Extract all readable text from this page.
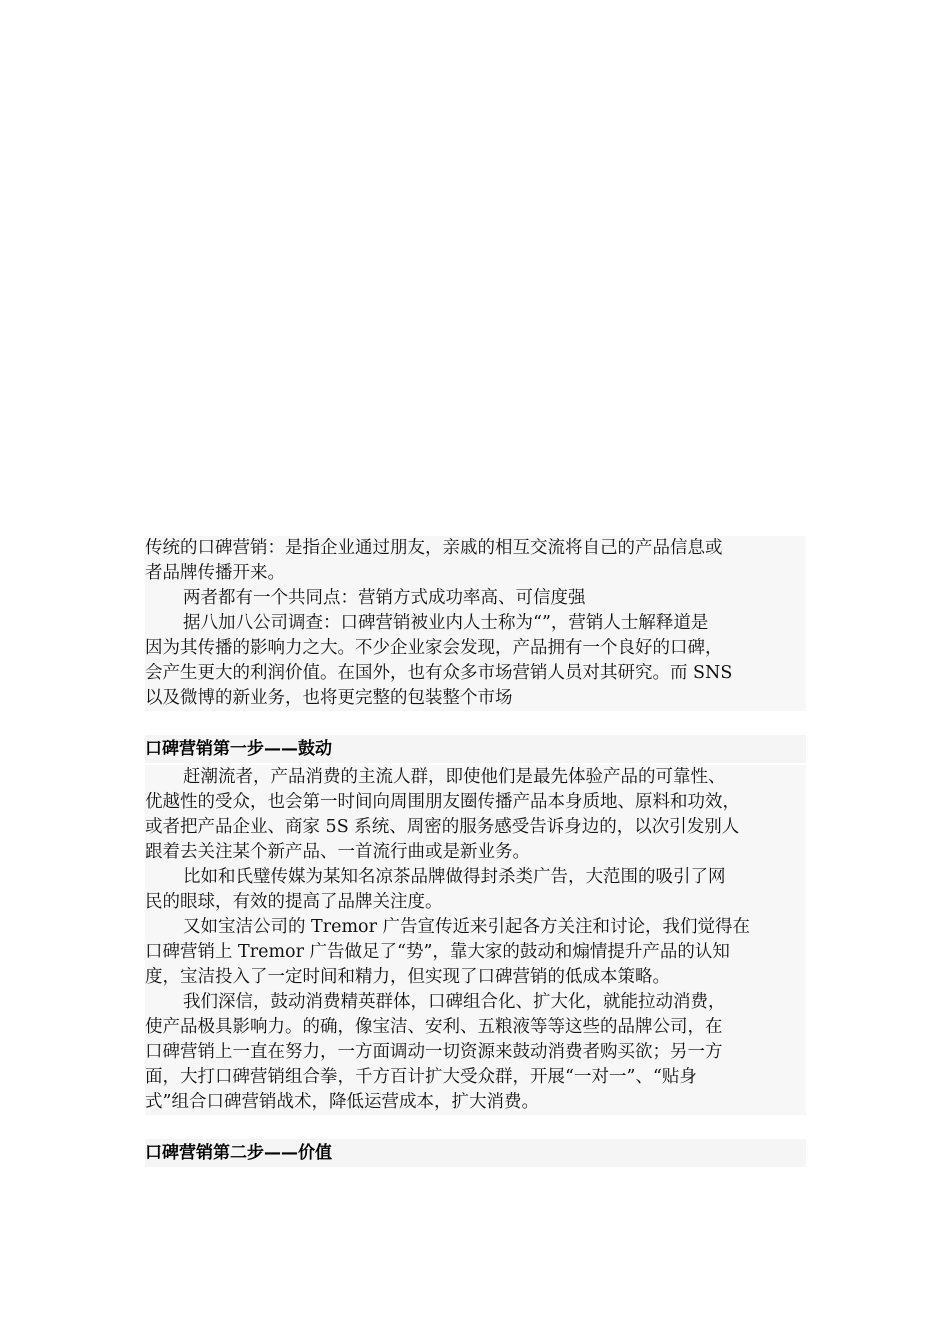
传统的口碑营销：是指企业通过朋友，亲戚的相互交流将自己的产品信息或
者品牌传播开来。
两者都有一个共同点：营销方式成功率高、可信度强
据八加八公司调查：口碑营销被业内人士称为“”，营销人士解释道是
因为其传播的影响力之大。不少企业家会发现，产品拥有一个良好的口碑，
会产生更大的利润价值。在国外，也有众多市场营销人员对其研究。而 SNS
以及微博的新业务，也将更完整的包装整个市场
口碑营销第一步——鼓动
赶潮流者，产品消费的主流人群，即使他们是最先体验产品的可靠性、
优越性的受众，也会第一时间向周围朋友圈传播产品本身质地、原料和功效，
或者把产品企业、商家 5S 系统、周密的服务感受告诉身边的，以次引发别人
跟着去关注某个新产品、一首流行曲或是新业务。
比如和氏璧传媒为某知名凉茶品牌做得封杀类广告，大范围的吸引了网
民的眼球，有效的提高了品牌关注度。
又如宝洁公司的 Tremor 广告宣传近来引起各方关注和讨论，我们觉得在
口碑营销上 Tremor 广告做足了“势”，靠大家的鼓动和煽情提升产品的认知
度，宝洁投入了一定时间和精力，但实现了口碑营销的低成本策略。
我们深信，鼓动消费精英群体，口碑组合化、扩大化，就能拉动消费，
使产品极具影响力。的确，像宝洁、安利、五粮液等等这些的品牌公司，在
口碑营销上一直在努力，一方面调动一切资源来鼓动消费者购买欲；另一方
面，大打口碑营销组合拳，千方百计扩大受众群，开展“一对一”、“贴身
式”组合口碑营销战术，降低运营成本，扩大消费。
口碑营销第二步——价值
